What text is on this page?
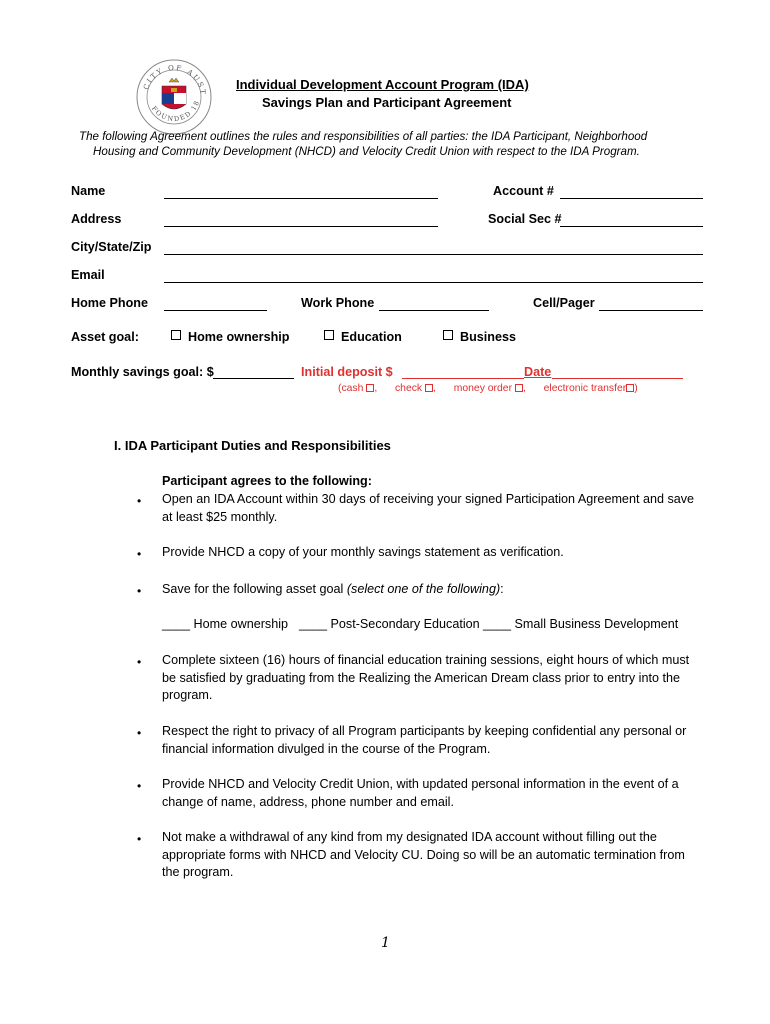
CITY OF AUST
FOUNDED 18
Individual Development Account Program (IDA)
Savings Plan and Participant Agreement
The following Agreement outlines the rules and responsibilities of all parties: the IDA Participant, Neighborhood
Housing and Community Development (NHCD) and Velocity Credit Union with respect to the IDA Program.
Name	Account #
Address	Social Sec #
City/State/Zip
Email
Home Phone	Work Phone	Cell/Pager
Asset goal:	Home ownership	Education	Business
Monthly savings goal: $	Initial deposit $	Date
(cash ,  check ,  money order ,  electronic transfer )
I. IDA Participant Duties and Responsibilities
Participant agrees to the following:
• Open an IDA Account within 30 days of receiving your signed Participation Agreement and save
at least $25 monthly.
• Provide NHCD a copy of your monthly savings statement as verification.
• Save for the following asset goal (select one of the following):
____ Home ownership ____ Post-Secondary Education ____ Small Business Development
• Complete sixteen (16) hours of financial education training sessions, eight hours of which must
be satisfied by graduating from the Realizing the American Dream class prior to entry into the
program.
• Respect the right to privacy of all Program participants by keeping confidential any personal or
financial information divulged in the course of the Program.
• Provide NHCD and Velocity Credit Union, with updated personal information in the event of a
change of name, address, phone number and email.
• Not make a withdrawal of any kind from my designated IDA account without filling out the
appropriate forms with NHCD and Velocity CU. Doing so will be an automatic termination from
the program.
1
